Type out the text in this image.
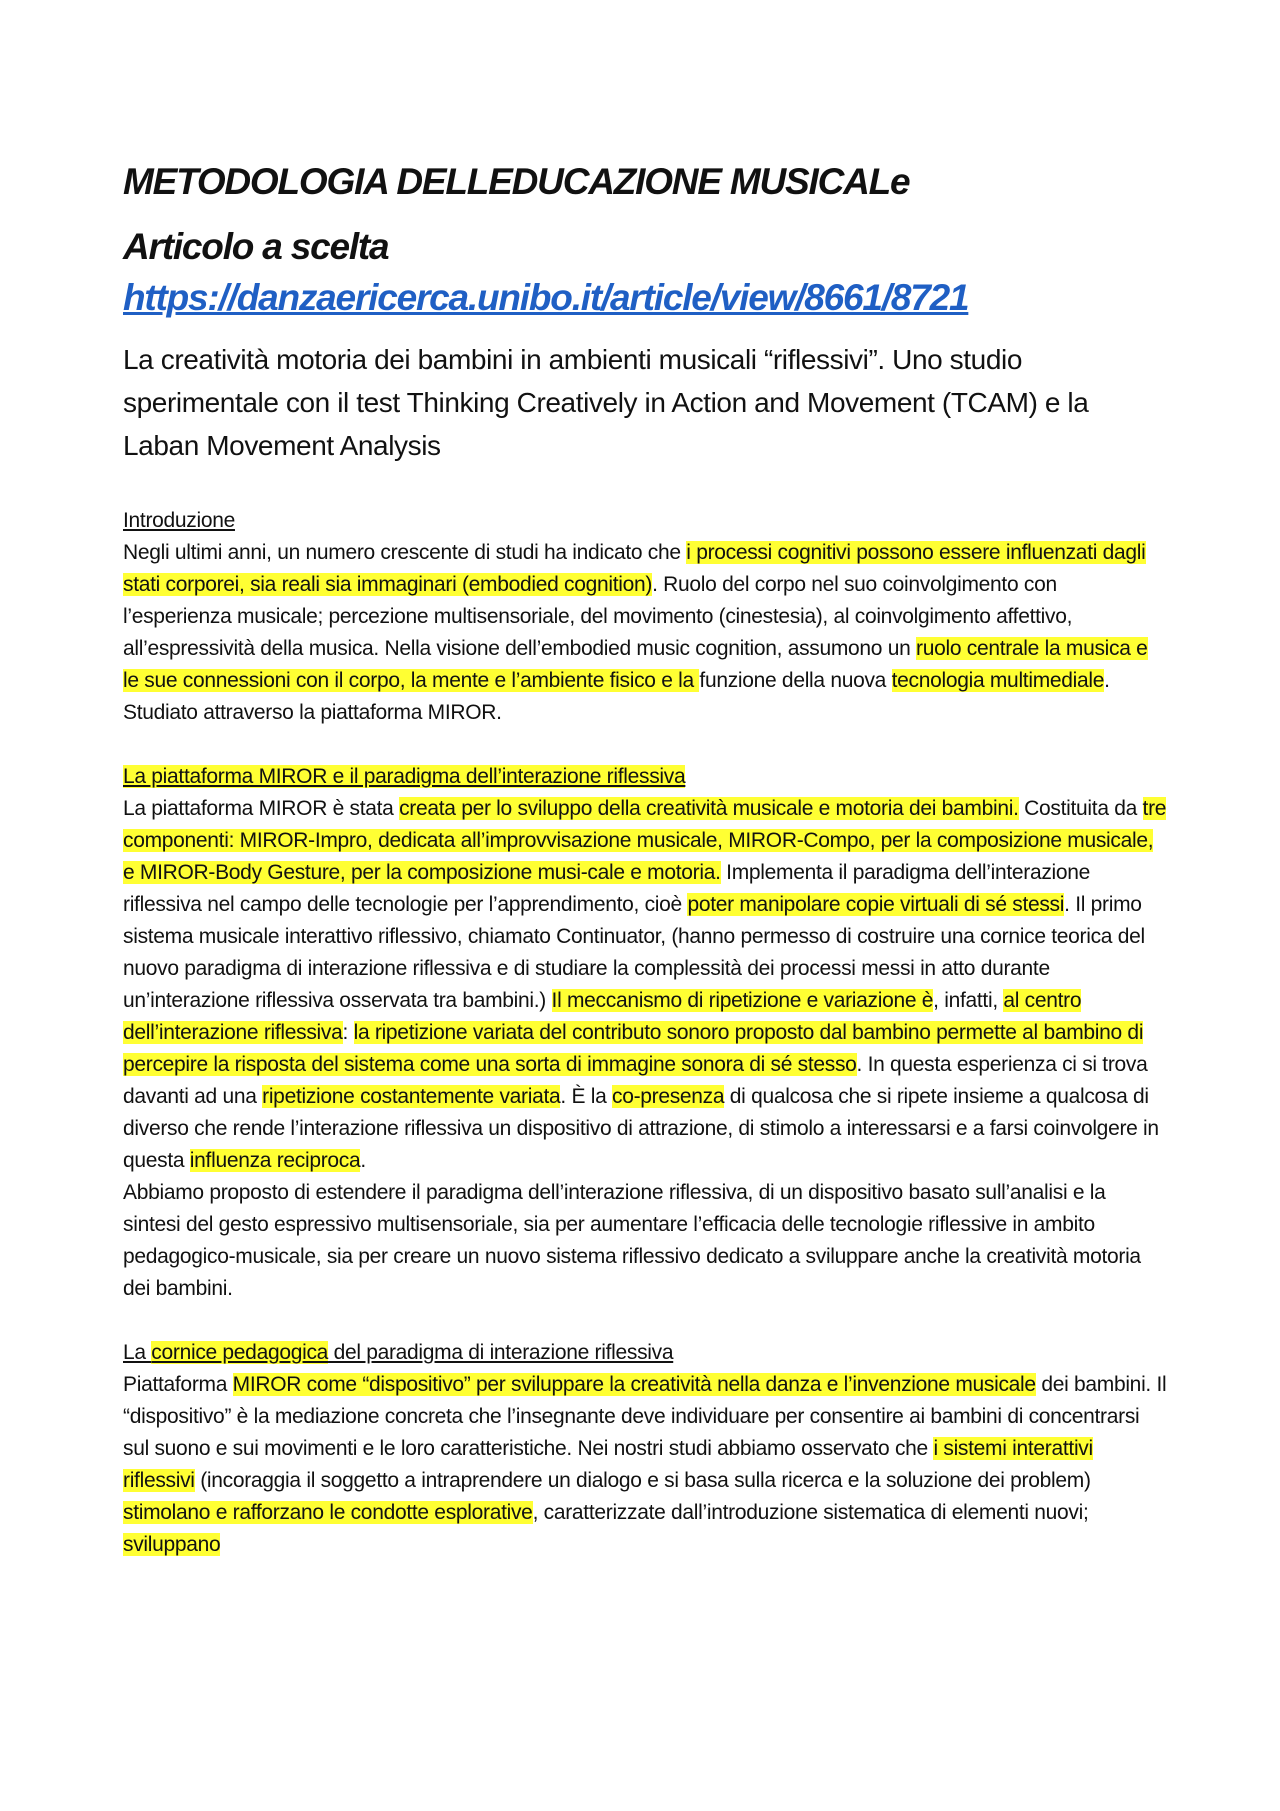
METODOLOGIA DELLEDUCAZIONE MUSICALe
Articolo a scelta
https://danzaericerca.unibo.it/article/view/8661/8721
La creatività motoria dei bambini in ambienti musicali “riflessivi”. Uno studio sperimentale con il test Thinking Creatively in Action and Movement (TCAM) e la Laban Movement Analysis
Introduzione

Negli ultimi anni, un numero crescente di studi ha indicato che i processi cognitivi possono essere influenzati dagli stati corporei, sia reali sia immaginari (embodied cognition). Ruolo del corpo nel suo coinvolgimento con l’esperienza musicale; percezione multisensoriale, del movimento (cinestesia), al coinvolgimento affettivo, all’espressività della musica. Nella visione dell’embodied music cognition, assumono un ruolo centrale la musica e le sue connessioni con il corpo, la mente e l’ambiente fisico e la funzione della nuova tecnologia multimediale. Studiato attraverso la piattaforma MIROR.

La piattaforma MIROR e il paradigma dell’interazione riflessiva

La piattaforma MIROR è stata creata per lo sviluppo della creatività musicale e motoria dei bambini. Costituita da tre componenti: MIROR-Impro, dedicata all’improvvisazione musicale, MIROR-Compo, per la composizione musicale, e MIROR-Body Gesture, per la composizione musi-cale e motoria. Implementa il paradigma dell’interazione riflessiva nel campo delle tecnologie per l’apprendimento, cioè poter manipolare copie virtuali di sé stessi. Il primo sistema musicale interattivo riflessivo, chiamato Continuator, (hanno permesso di costruire una cornice teorica del nuovo paradigma di interazione riflessiva e di studiare la complessità dei processi messi in atto durante un’interazione riflessiva osservata tra bambini.) Il meccanismo di ripetizione e variazione è, infatti, al centro dell’interazione riflessiva: la ripetizione variata del contributo sonoro proposto dal bambino permette al bambino di percepire la risposta del sistema come una sorta di immagine sonora di sé stesso. In questa esperienza ci si trova davanti ad una ripetizione costantemente variata. È la co-presenza di qualcosa che si ripete insieme a qualcosa di diverso che rende l’interazione riflessiva un dispositivo di attrazione, di stimolo a interessarsi e a farsi coinvolgere in questa influenza reciproca.

Abbiamo proposto di estendere il paradigma dell’interazione riflessiva, di un dispositivo basato sull’analisi e la sintesi del gesto espressivo multisensoriale, sia per aumentare l’efficacia delle tecnologie riflessive in ambito pedagogico-musicale, sia per creare un nuovo sistema riflessivo dedicato a sviluppare anche la creatività motoria dei bambini.

La cornice pedagogica del paradigma di interazione riflessiva

Piattaforma MIROR come “dispositivo” per sviluppare la creatività nella danza e l’invenzione musicale dei bambini. Il “dispositivo” è la mediazione concreta che l’insegnante deve individuare per consentire ai bambini di concentrarsi sul suono e sui movimenti e le loro caratteristiche. Nei nostri studi abbiamo osservato che i sistemi interattivi riflessivi (incoraggia il soggetto a intraprendere un dialogo e si basa sulla ricerca e la soluzione dei problem) stimolano e rafforzano le condotte esplorative, caratterizzate dall’introduzione sistematica di elementi nuovi; sviluppano
